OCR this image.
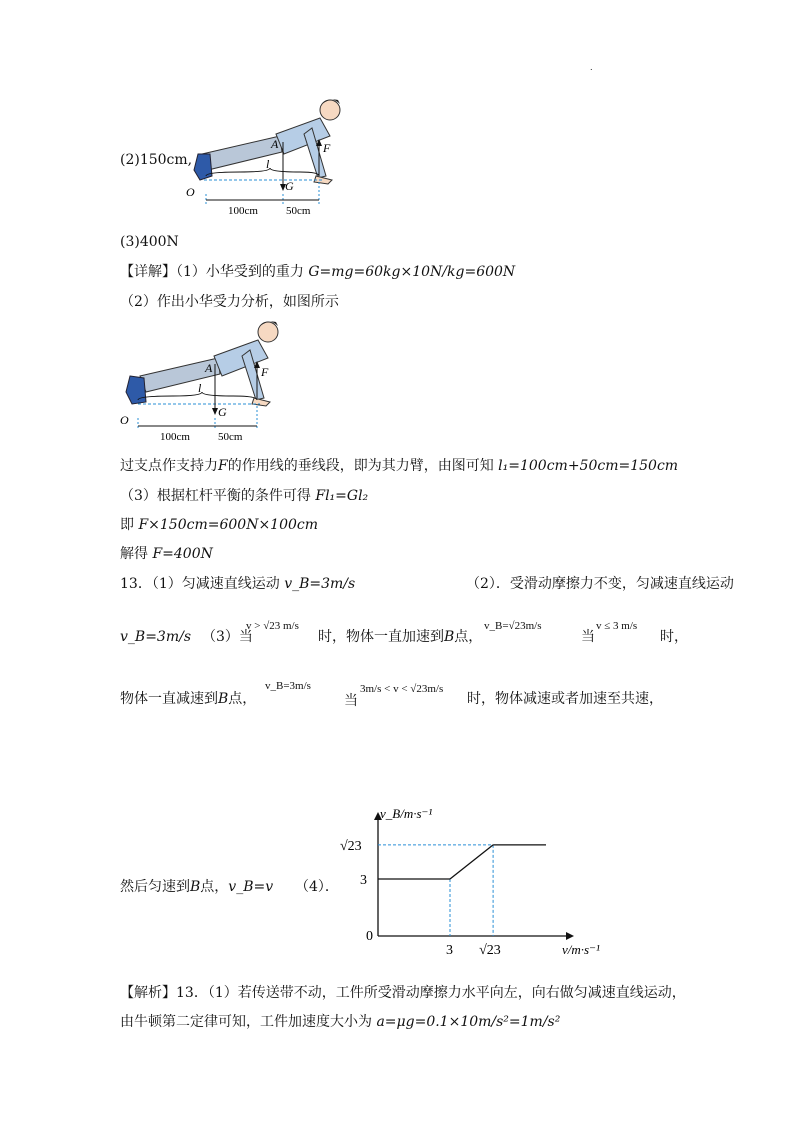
.
(2)150cm,
A	F
l
G
O
100cm	50cm
(3)400N
【详解】（1）小华受到的重力 G=mg=60kg×10N/kg=600N
（2）作出小华受力分析，如图所示
A	F
l
G
O
100cm	50cm
过支点作支持力F的作用线的垂线段，即为其力臂，由图可知 l₁=100cm+50cm=150cm
（3）根据杠杆平衡的条件可得 Fl₁=Gl₂
即 F×150cm=600N×100cm
解得 F=400N
13．（1）匀减速直线运动 v_B=3m/s	（2）．受滑动摩擦力不变，匀减速直线运动
v_B=3m/s （3）当
v > √23 m/s
时，物体一直加速到B点，
v_B=√23m/s
当
v ≤ 3 m/s
时，
物体一直减速到B点，
v_B=3m/s
当
3m/s < v < √23m/s
时，物体减速或者加速至共速，
然后匀速到B点，v_B=v （4）．
0
3 √23
3
√23
v_B/m·s⁻¹
v/m·s⁻¹
【解析】13．（1）若传送带不动，工件所受滑动摩擦力水平向左，向右做匀减速直线运动，
由牛顿第二定律可知，工件加速度大小为 a=μg=0.1×10m/s²=1m/s²
